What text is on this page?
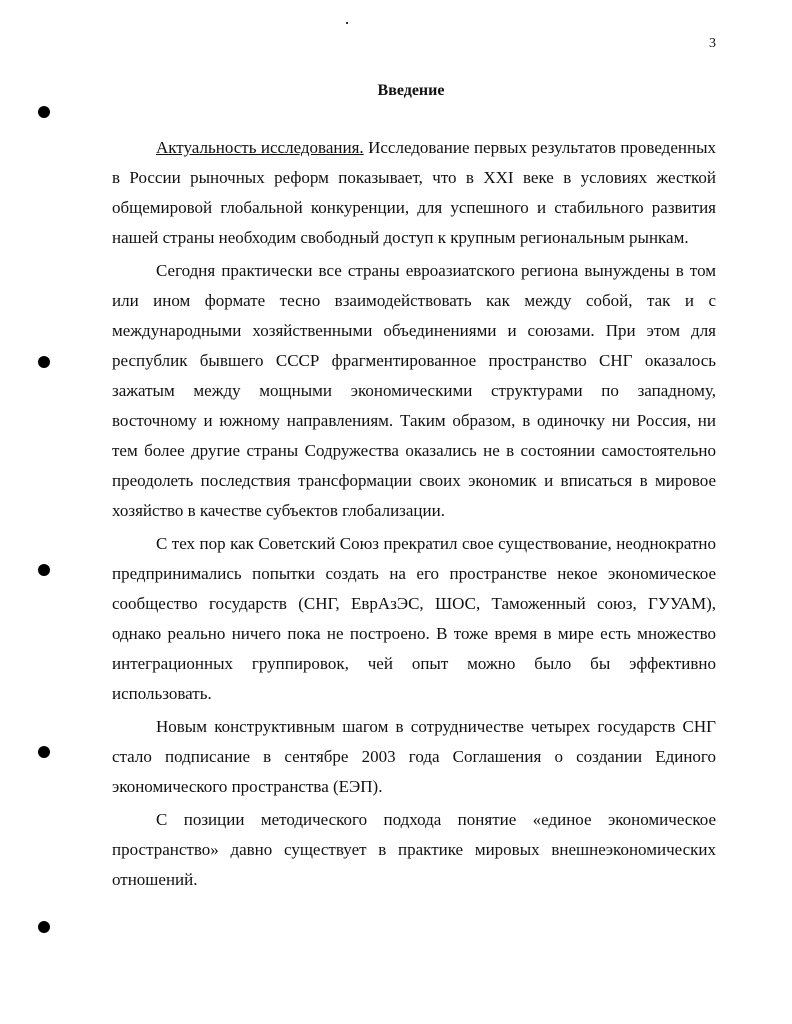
3
Введение

Актуальность исследования. Исследование первых результатов проведенных в России рыночных реформ показывает, что в XXI веке в условиях жесткой общемировой глобальной конкуренции, для успешного и стабильного развития нашей страны необходим свободный доступ к крупным региональным рынкам.

Сегодня практически все страны евроазиатского региона вынуждены в том или ином формате тесно взаимодействовать как между собой, так и с международными хозяйственными объединениями и союзами. При этом для республик бывшего СССР фрагментированное пространство СНГ оказалось зажатым между мощными экономическими структурами по западному, восточному и южному направлениям. Таким образом, в одиночку ни Россия, ни тем более другие страны Содружества оказались не в состоянии самостоятельно преодолеть последствия трансформации своих экономик и вписаться в мировое хозяйство в качестве субъектов глобализации.

С тех пор как Советский Союз прекратил свое существование, неоднократно предпринимались попытки создать на его пространстве некое экономическое сообщество государств (СНГ, ЕврАзЭС, ШОС, Таможенный союз, ГУУАМ), однако реально ничего пока не построено. В тоже время в мире есть множество интеграционных группировок, чей опыт можно было бы эффективно использовать.

Новым конструктивным шагом в сотрудничестве четырех государств СНГ стало подписание в сентябре 2003 года Соглашения о создании Единого экономического пространства (ЕЭП).

С позиции методического подхода понятие «единое экономическое пространство» давно существует в практике мировых внешнеэкономических отношений.
